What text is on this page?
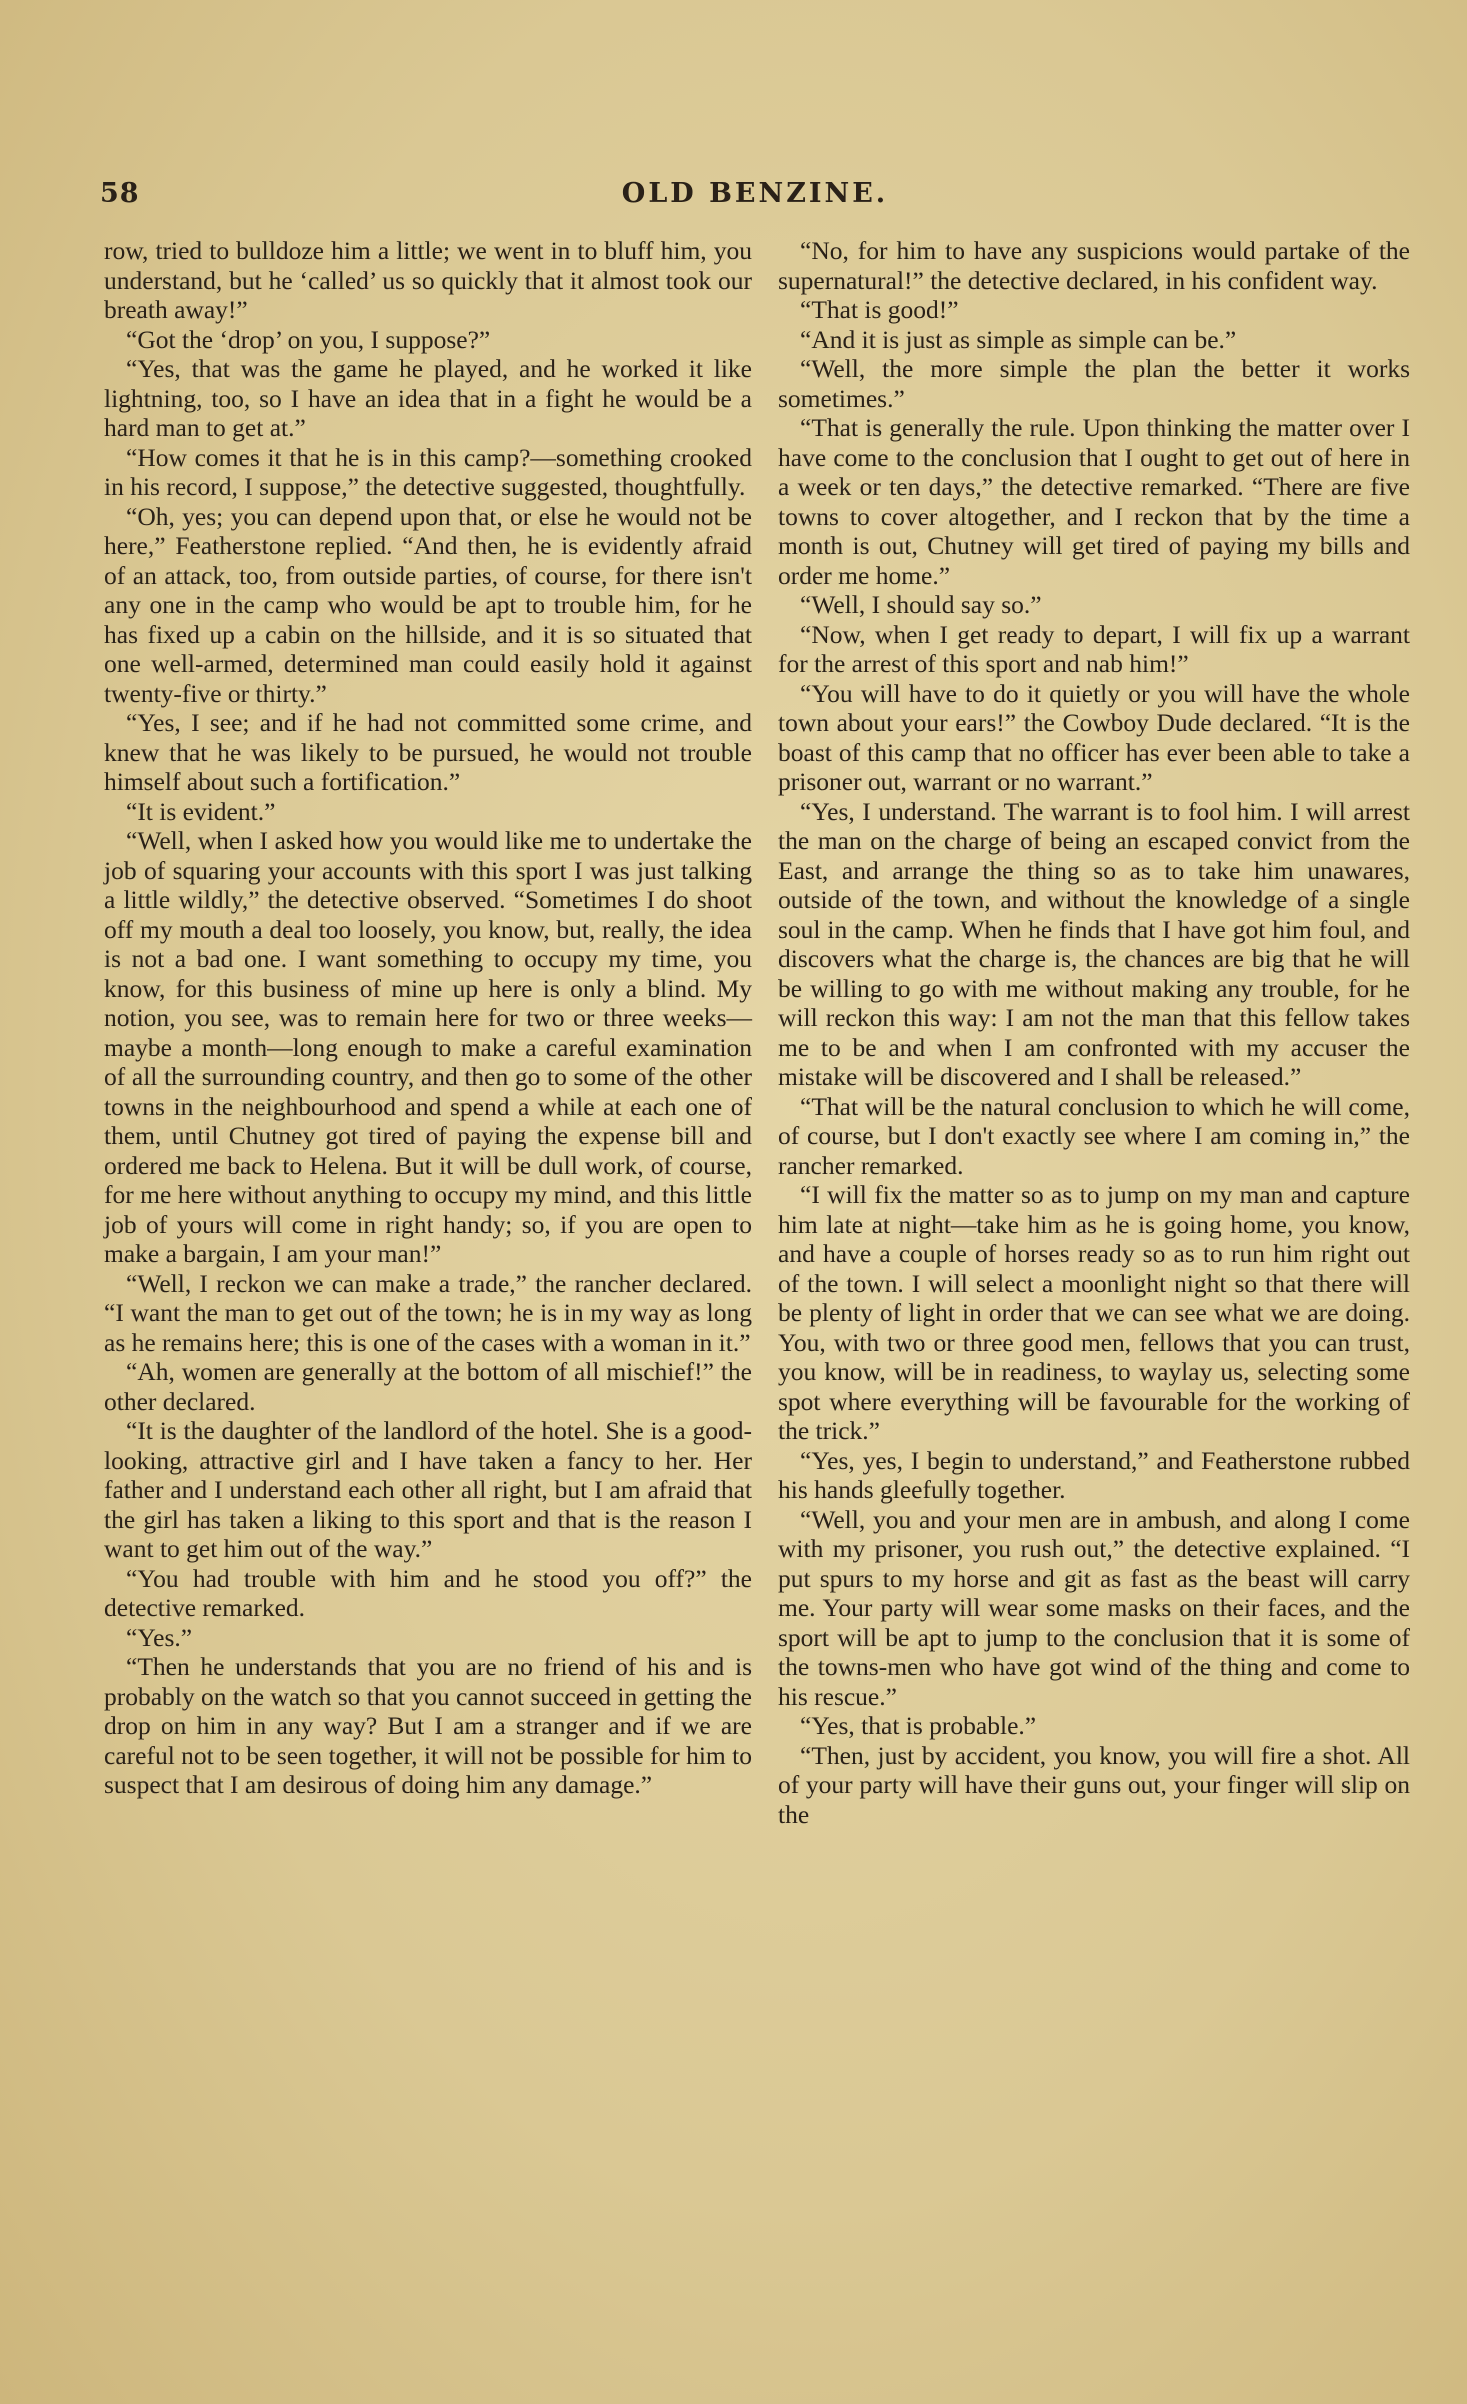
58	OLD BENZINE.

row, tried to bulldoze him a little; we went in to bluff him, you understand, but he ‘called’ us so quickly that it almost took our breath away!”

“Got the ‘drop’ on you, I suppose?”

“Yes, that was the game he played, and he worked it like lightning, too, so I have an idea that in a fight he would be a hard man to get at.”

“How comes it that he is in this camp?—something crooked in his record, I suppose,” the detective suggested, thoughtfully.

“Oh, yes; you can depend upon that, or else he would not be here,” Featherstone replied. “And then, he is evidently afraid of an attack, too, from outside parties, of course, for there isn't any one in the camp who would be apt to trouble him, for he has fixed up a cabin on the hillside, and it is so situated that one well-armed, determined man could easily hold it against twenty-five or thirty.”

“Yes, I see; and if he had not committed some crime, and knew that he was likely to be pursued, he would not trouble himself about such a fortification.”

“It is evident.”

“Well, when I asked how you would like me to undertake the job of squaring your accounts with this sport I was just talking a little wildly,” the detective observed. “Sometimes I do shoot off my mouth a deal too loosely, you know, but, really, the idea is not a bad one. I want something to occupy my time, you know, for this business of mine up here is only a blind. My notion, you see, was to remain here for two or three weeks—maybe a month—long enough to make a careful examination of all the surrounding country, and then go to some of the other towns in the neighbourhood and spend a while at each one of them, until Chutney got tired of paying the expense bill and ordered me back to Helena. But it will be dull work, of course, for me here without anything to occupy my mind, and this little job of yours will come in right handy; so, if you are open to make a bargain, I am your man!”

“Well, I reckon we can make a trade,” the rancher declared. “I want the man to get out of the town; he is in my way as long as he remains here; this is one of the cases with a woman in it.”

“Ah, women are generally at the bottom of all mischief!” the other declared.

“It is the daughter of the landlord of the hotel. She is a good-looking, attractive girl and I have taken a fancy to her. Her father and I understand each other all right, but I am afraid that the girl has taken a liking to this sport and that is the reason I want to get him out of the way.”

“You had trouble with him and he stood you off?” the detective remarked.

“Yes.”

“Then he understands that you are no friend of his and is probably on the watch so that you cannot succeed in getting the drop on him in any way? But I am a stranger and if we are careful not to be seen together, it will not be possible for him to suspect that I am desirous of doing him any damage.”

“No, for him to have any suspicions would partake of the supernatural!” the detective declared, in his confident way.

“That is good!”

“And it is just as simple as simple can be.”

“Well, the more simple the plan the better it works sometimes.”

“That is generally the rule. Upon thinking the matter over I have come to the conclusion that I ought to get out of here in a week or ten days,” the detective remarked. “There are five towns to cover altogether, and I reckon that by the time a month is out, Chutney will get tired of paying my bills and order me home.”

“Well, I should say so.”

“Now, when I get ready to depart, I will fix up a warrant for the arrest of this sport and nab him!”

“You will have to do it quietly or you will have the whole town about your ears!” the Cowboy Dude declared. “It is the boast of this camp that no officer has ever been able to take a prisoner out, warrant or no warrant.”

“Yes, I understand. The warrant is to fool him. I will arrest the man on the charge of being an escaped convict from the East, and arrange the thing so as to take him unawares, outside of the town, and without the knowledge of a single soul in the camp. When he finds that I have got him foul, and discovers what the charge is, the chances are big that he will be willing to go with me without making any trouble, for he will reckon this way: I am not the man that this fellow takes me to be and when I am confronted with my accuser the mistake will be discovered and I shall be released.”

“That will be the natural conclusion to which he will come, of course, but I don't exactly see where I am coming in,” the rancher remarked.

“I will fix the matter so as to jump on my man and capture him late at night—take him as he is going home, you know, and have a couple of horses ready so as to run him right out of the town. I will select a moonlight night so that there will be plenty of light in order that we can see what we are doing. You, with two or three good men, fellows that you can trust, you know, will be in readiness, to waylay us, selecting some spot where everything will be favourable for the working of the trick.”

“Yes, yes, I begin to understand,” and Featherstone rubbed his hands gleefully together.

“Well, you and your men are in ambush, and along I come with my prisoner, you rush out,” the detective explained. “I put spurs to my horse and git as fast as the beast will carry me. Your party will wear some masks on their faces, and the sport will be apt to jump to the conclusion that it is some of the towns-men who have got wind of the thing and come to his rescue.”

“Yes, that is probable.”

“Then, just by accident, you know, you will fire a shot. All of your party will have their guns out, your finger will slip on the
